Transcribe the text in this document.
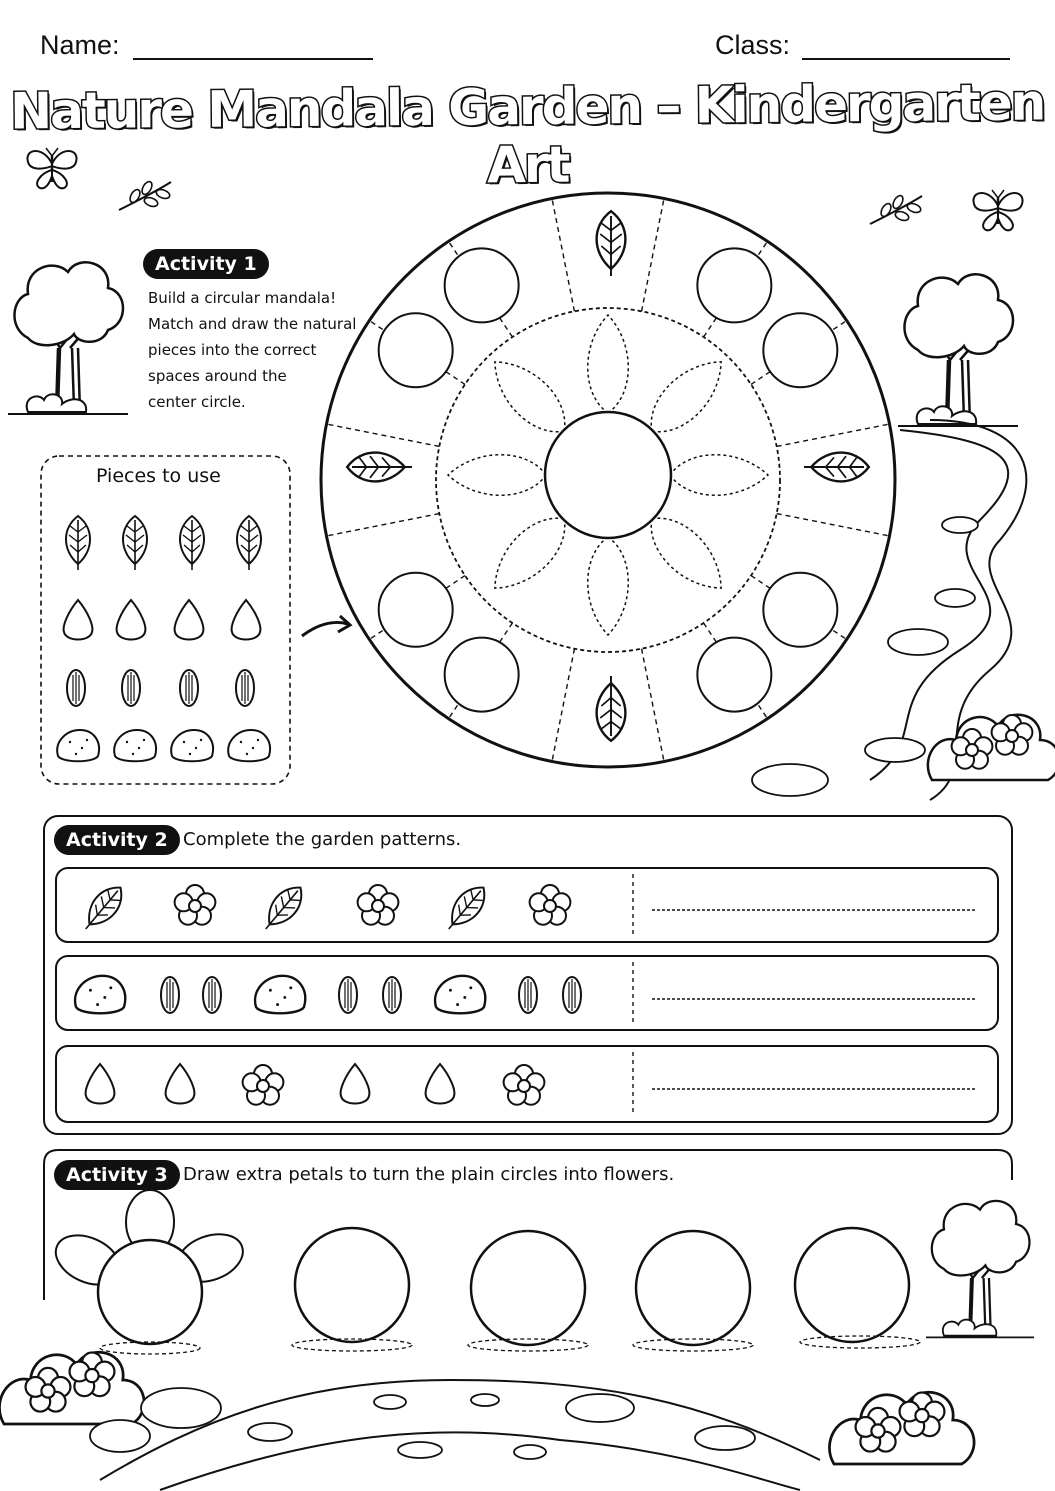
Name:	Class:
Nature Mandala Garden – Kindergarten Art
Activity 1
Build a circular mandala!
Match and draw the natural
pieces into the correct
spaces around the
center circle.
Pieces to use
Activity 2 Complete the garden patterns.
Activity 3 Draw extra petals to turn the plain circles into flowers.
